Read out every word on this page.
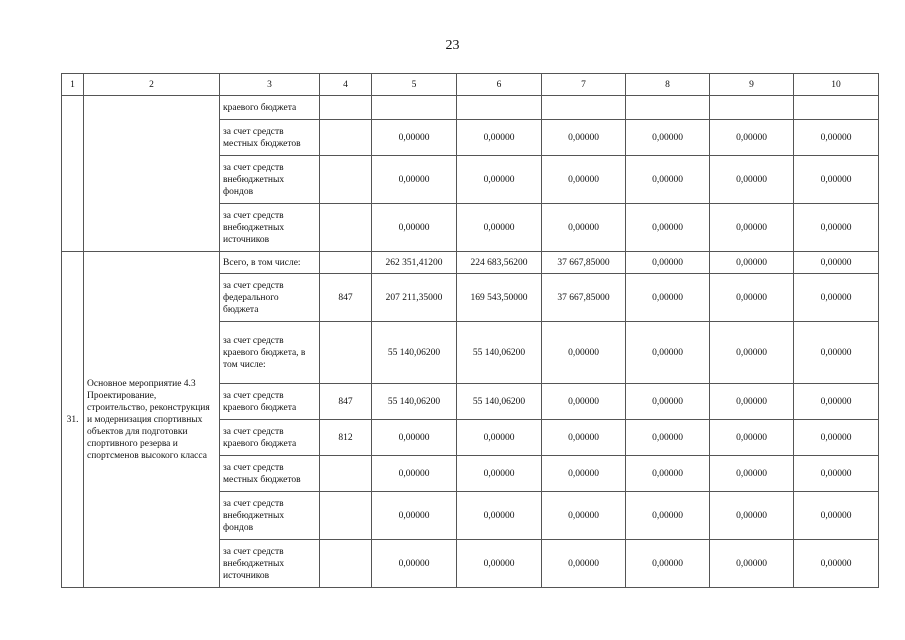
23
1	2	3	4	5	6	7	8	9	10
		краевого бюджета							
		за счет средств местных бюджетов		0,00000	0,00000	0,00000	0,00000	0,00000	0,00000
		за счет средств внебюджетных фондов		0,00000	0,00000	0,00000	0,00000	0,00000	0,00000
		за счет средств внебюджетных источников		0,00000	0,00000	0,00000	0,00000	0,00000	0,00000
31.	Основное мероприятие 4.3 Проектирование, строительство, реконструкция и модернизация спортивных объектов для подготовки спортивного резерва и спортсменов высокого класса	Всего, в том числе:		262 351,41200	224 683,56200	37 667,85000	0,00000	0,00000	0,00000
		за счет средств федерального бюджета	847	207 211,35000	169 543,50000	37 667,85000	0,00000	0,00000	0,00000
		за счет средств краевого бюджета, в том числе:		55 140,06200	55 140,06200	0,00000	0,00000	0,00000	0,00000
		за счет средств краевого бюджета	847	55 140,06200	55 140,06200	0,00000	0,00000	0,00000	0,00000
		за счет средств краевого бюджета	812	0,00000	0,00000	0,00000	0,00000	0,00000	0,00000
		за счет средств местных бюджетов		0,00000	0,00000	0,00000	0,00000	0,00000	0,00000
		за счет средств внебюджетных фондов		0,00000	0,00000	0,00000	0,00000	0,00000	0,00000
		за счет средств внебюджетных источников		0,00000	0,00000	0,00000	0,00000	0,00000	0,00000
